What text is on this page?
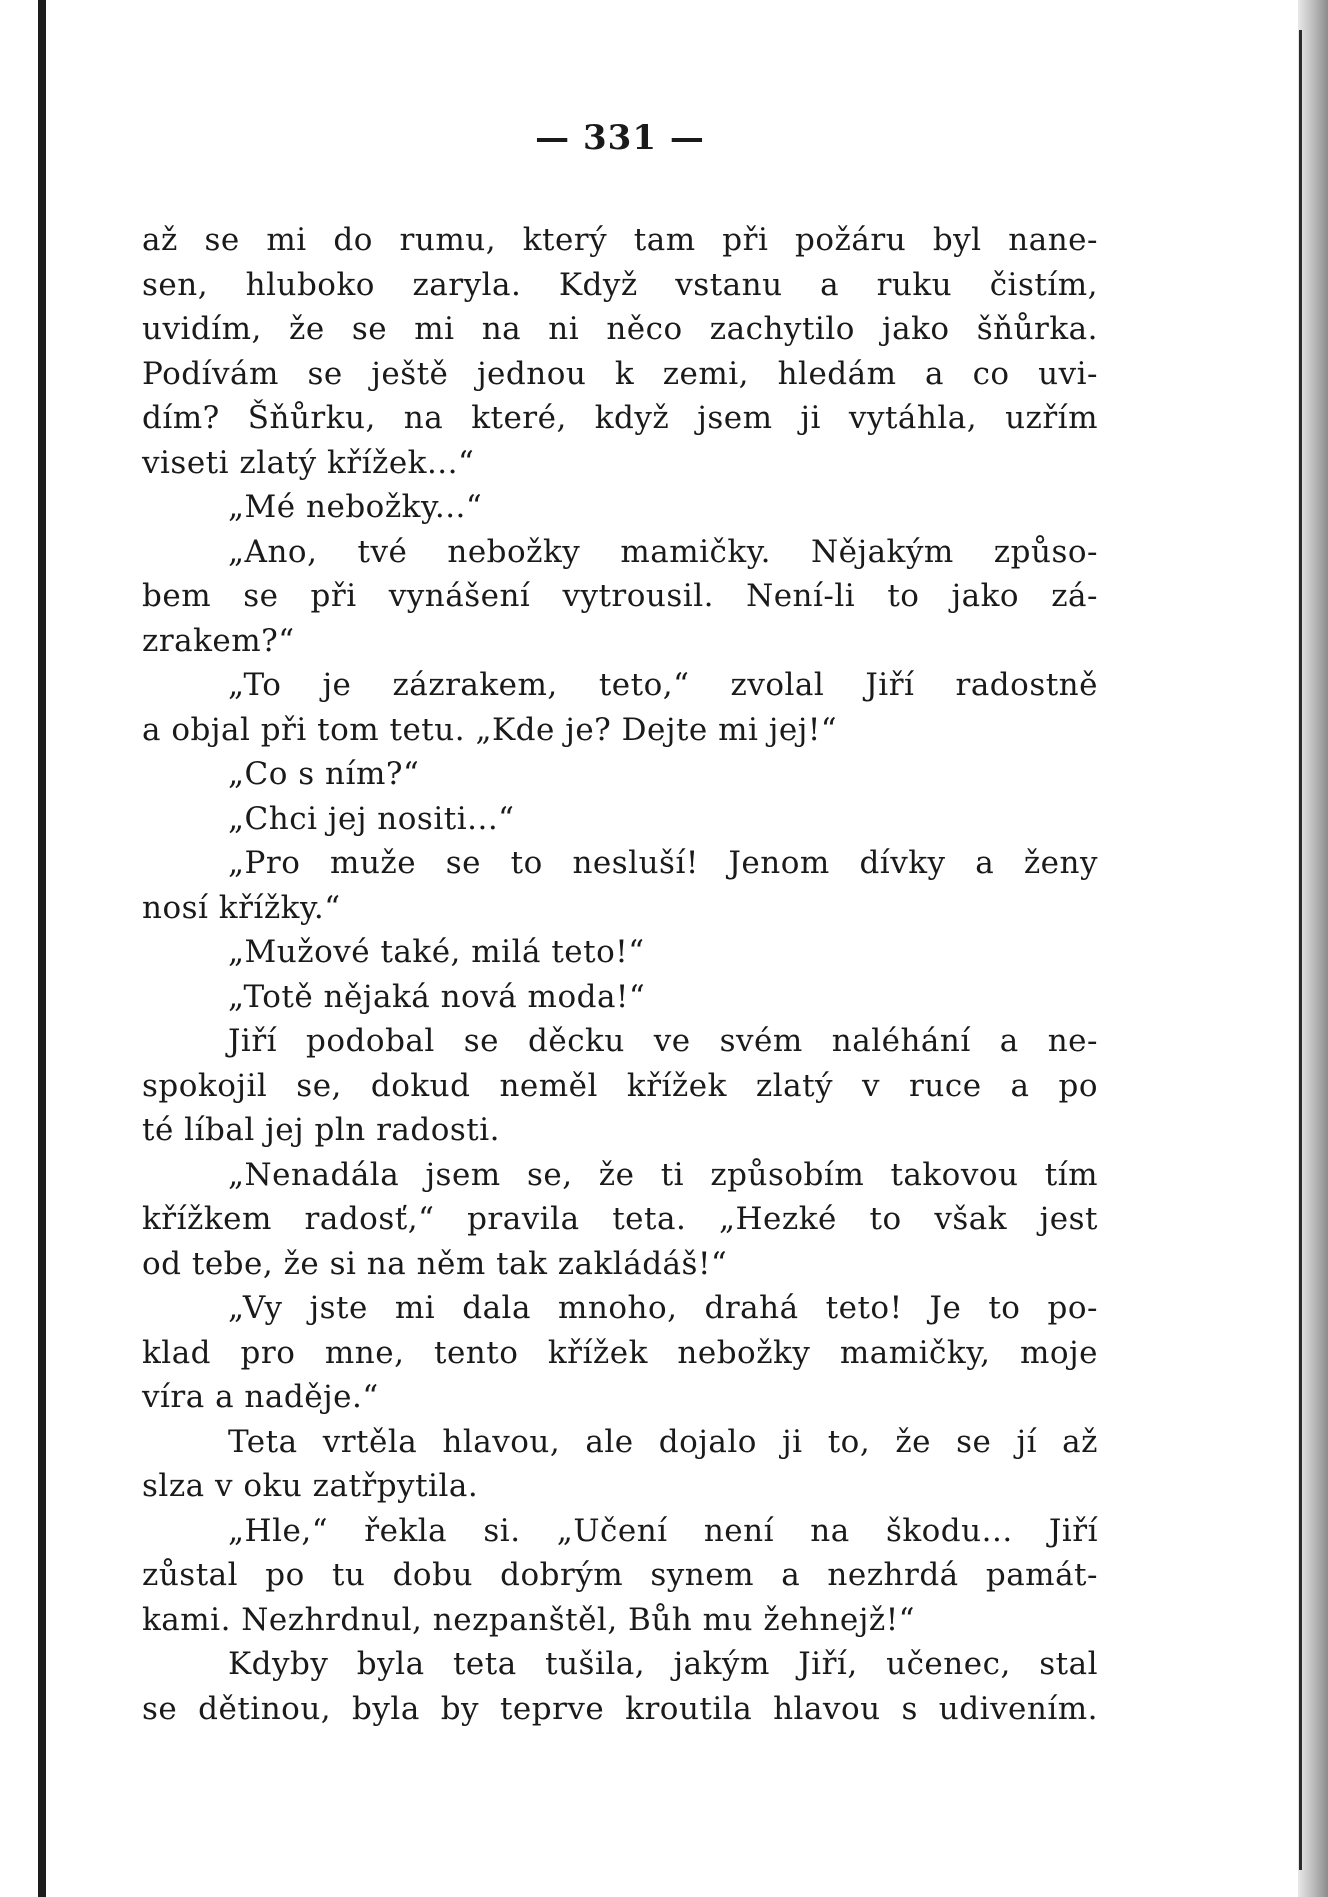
— 331 —
až se mi do rumu, který tam při požáru byl nane-
sen, hluboko zaryla. Když vstanu a ruku čistím,
uvidím, že se mi na ni něco zachytilo jako šňůrka.
Podívám se ještě jednou k zemi, hledám a co uvi-
dím? Šňůrku, na které, když jsem ji vytáhla, uzřím
viseti zlatý křížek...“
„Mé nebožky...“
„Ano, tvé nebožky mamičky. Nějakým způso-
bem se při vynášení vytrousil. Není-li to jako zá-
zrakem?“
„To je zázrakem, teto,“ zvolal Jiří radostně
a objal při tom tetu. „Kde je? Dejte mi jej!“
„Co s ním?“
„Chci jej nositi...“
„Pro muže se to nesluší! Jenom dívky a ženy
nosí křížky.“
„Mužové také, milá teto!“
„Totě nějaká nová moda!“
Jiří podobal se děcku ve svém naléhání a ne-
spokojil se, dokud neměl křížek zlatý v ruce a po
té líbal jej pln radosti.
„Nenadála jsem se, že ti způsobím takovou tím
křížkem radosť,“ pravila teta. „Hezké to však jest
od tebe, že si na něm tak zakládáš!“
„Vy jste mi dala mnoho, drahá teto! Je to po-
klad pro mne, tento křížek nebožky mamičky, moje
víra a naděje.“
Teta vrtěla hlavou, ale dojalo ji to, že se jí až
slza v oku zatřpytila.
„Hle,“ řekla si. „Učení není na škodu... Jiří
zůstal po tu dobu dobrým synem a nezhrdá památ-
kami. Nezhrdnul, nezpanštěl, Bůh mu žehnejž!“
Kdyby byla teta tušila, jakým Jiří, učenec, stal
se dětinou, byla by teprve kroutila hlavou s udivením.
